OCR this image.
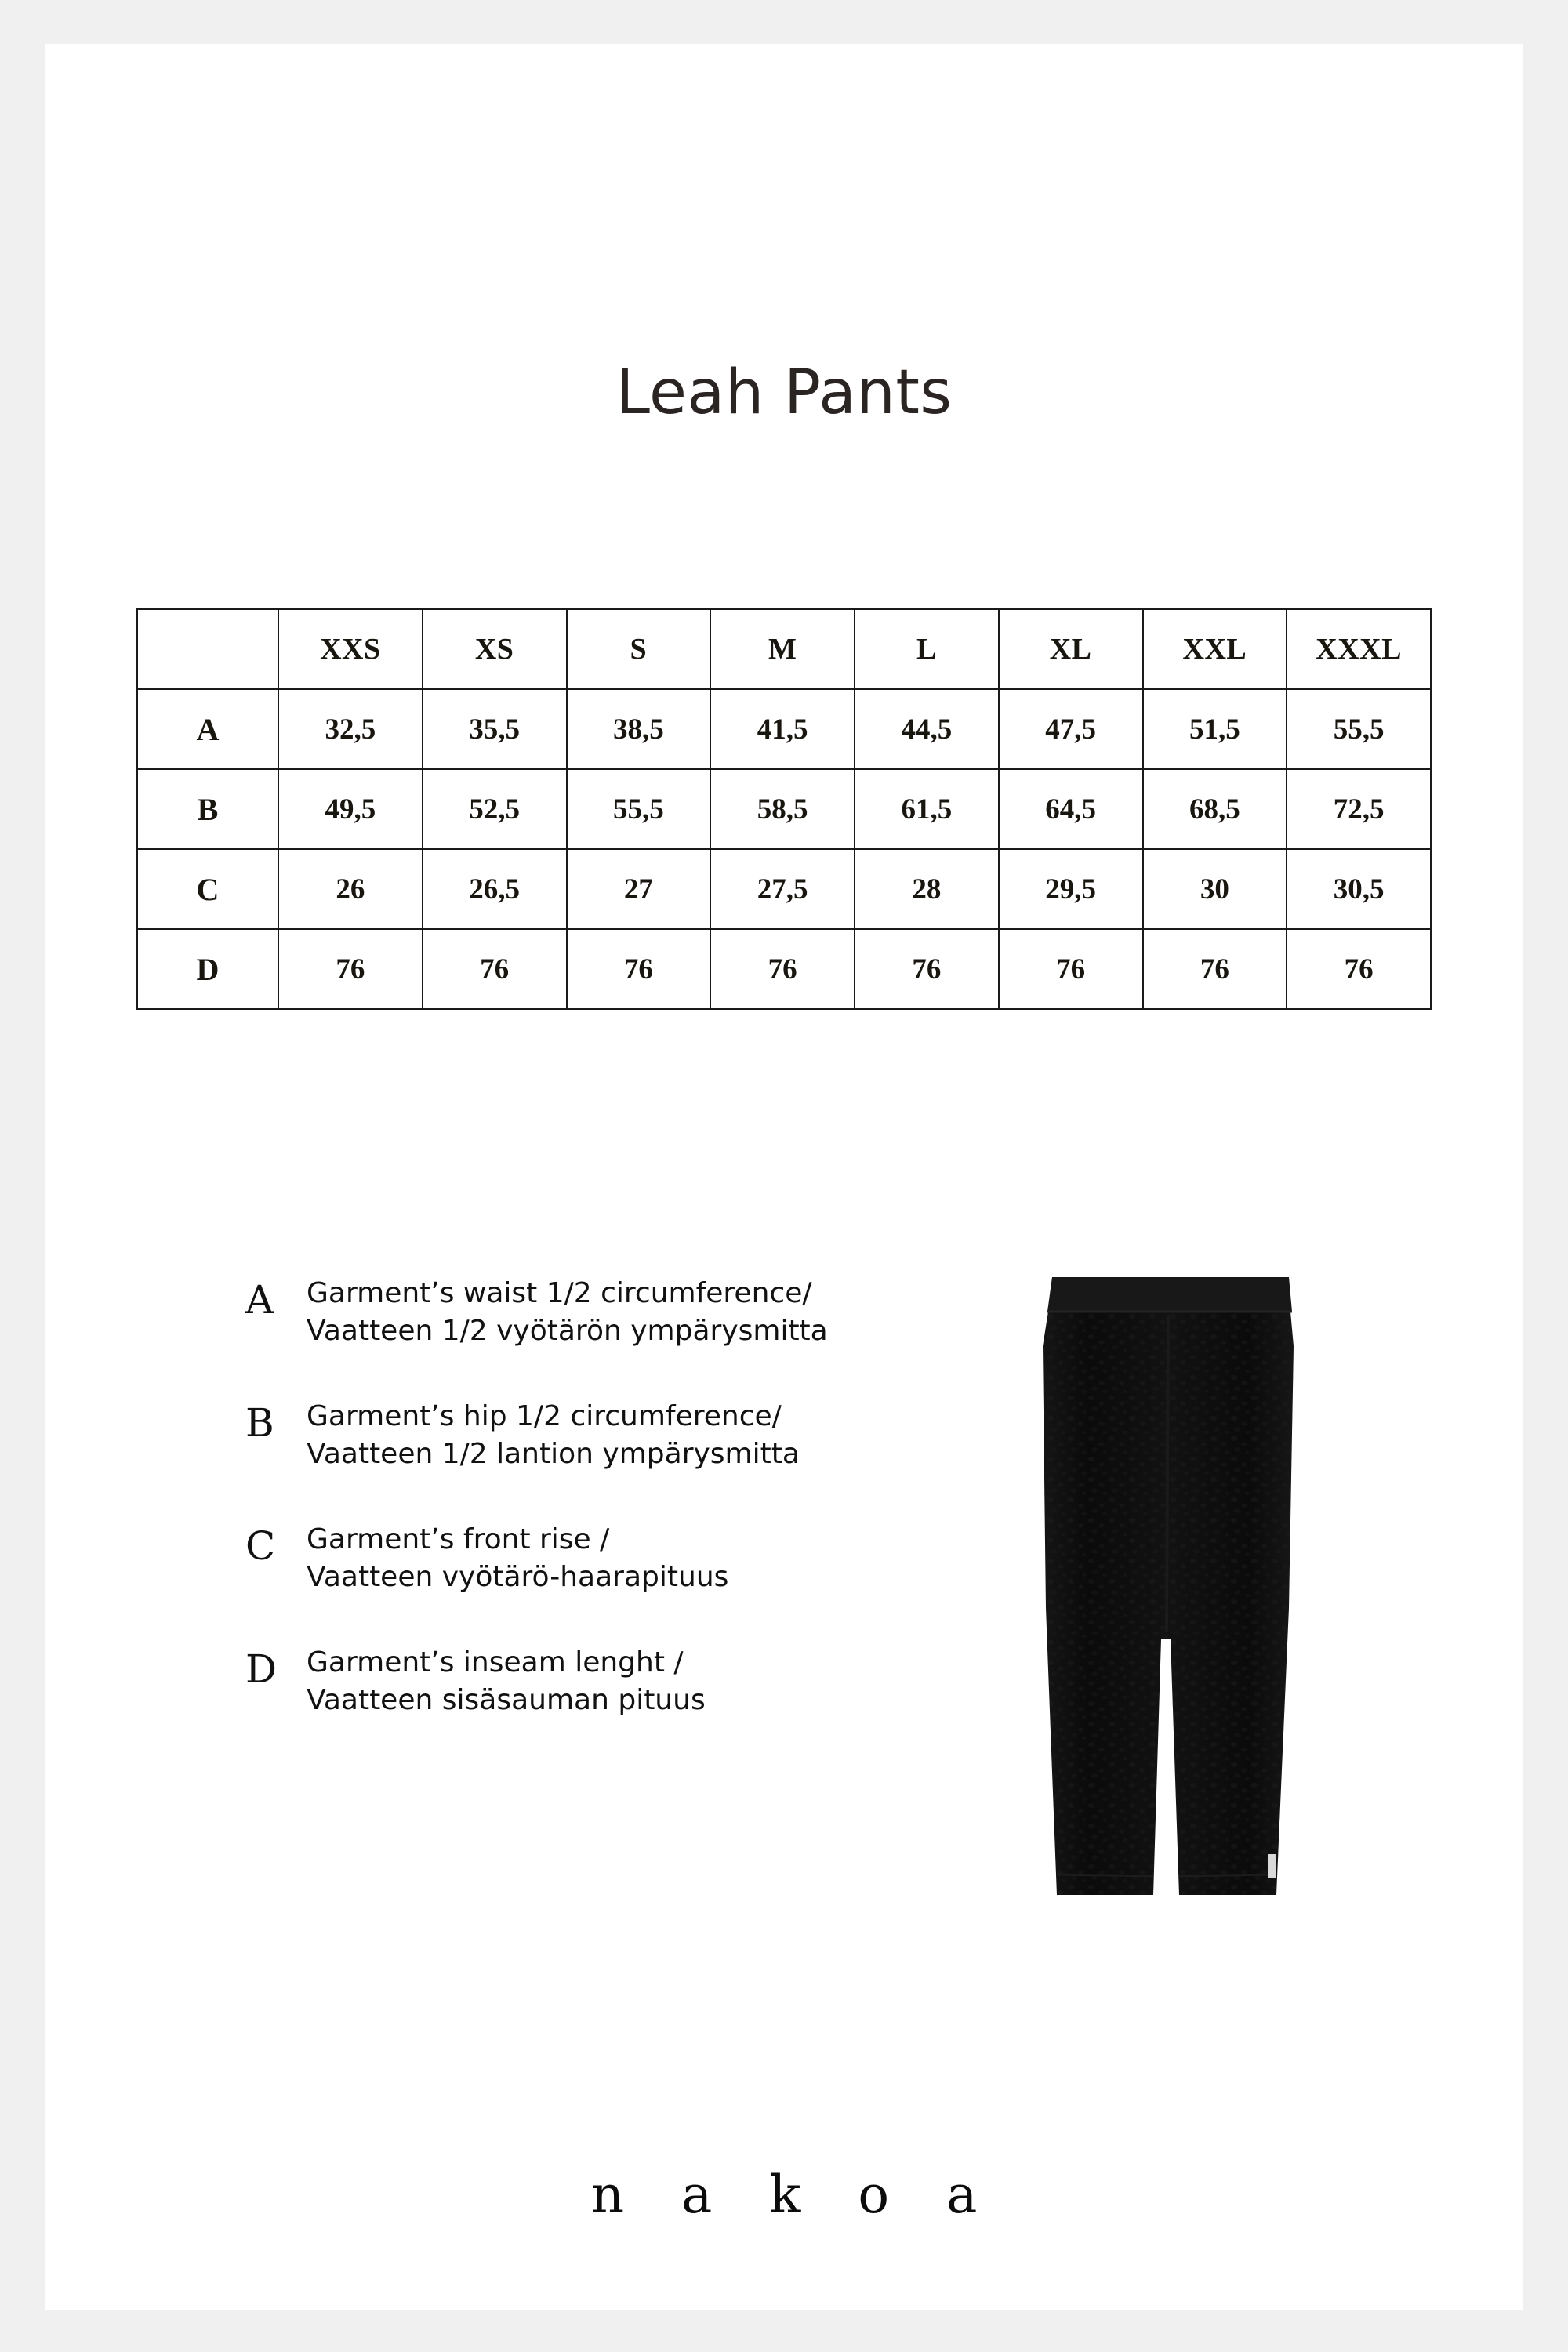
Leah Pants
	XXS	XS	S	M	L	XL	XXL	XXXL
A	32,5	35,5	38,5	41,5	44,5	47,5	51,5	55,5
B	49,5	52,5	55,5	58,5	61,5	64,5	68,5	72,5
C	26	26,5	27	27,5	28	29,5	30	30,5
D	76	76	76	76	76	76	76	76
A	Garment’s waist 1/2 circumference/
Vaatteen 1/2 vyötärön ympärysmitta
B	Garment’s hip 1/2 circumference/
Vaatteen 1/2 lantion ympärysmitta
C	Garment’s front rise /
Vaatteen vyötärö-haarapituus
D	Garment’s inseam lenght /
Vaatteen sisäsauman pituus
n a k o a
